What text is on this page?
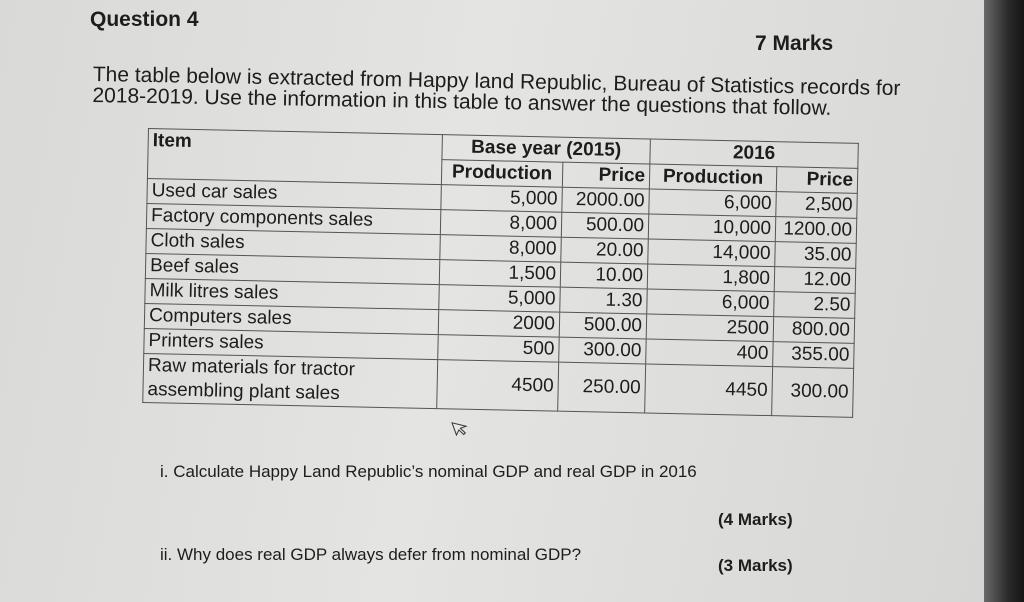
Question 4
7 Marks
The table below is extracted from Happy land Republic, Bureau of Statistics records for 2018-2019. Use the information in this table to answer the questions that follow.
Item	Base year (2015)		2016	
	Production	Price	Production	Price
Used car sales	5,000	2000.00	6,000	2,500
Factory components sales	8,000	500.00	10,000	1200.00
Cloth sales	8,000	20.00	14,000	35.00
Beef sales	1,500	10.00	1,800	12.00
Milk litres sales	5,000	1.30	6,000	2.50
Computers sales	2000	500.00	2500	800.00
Printers sales	500	300.00	400	355.00

Raw materials for tractor
assembling plant sales	4500	250.00	4450	300.00
i. Calculate Happy Land Republic’s nominal GDP and real GDP in 2016
(4 Marks)
ii. Why does real GDP always defer from nominal GDP?
(3 Marks)
